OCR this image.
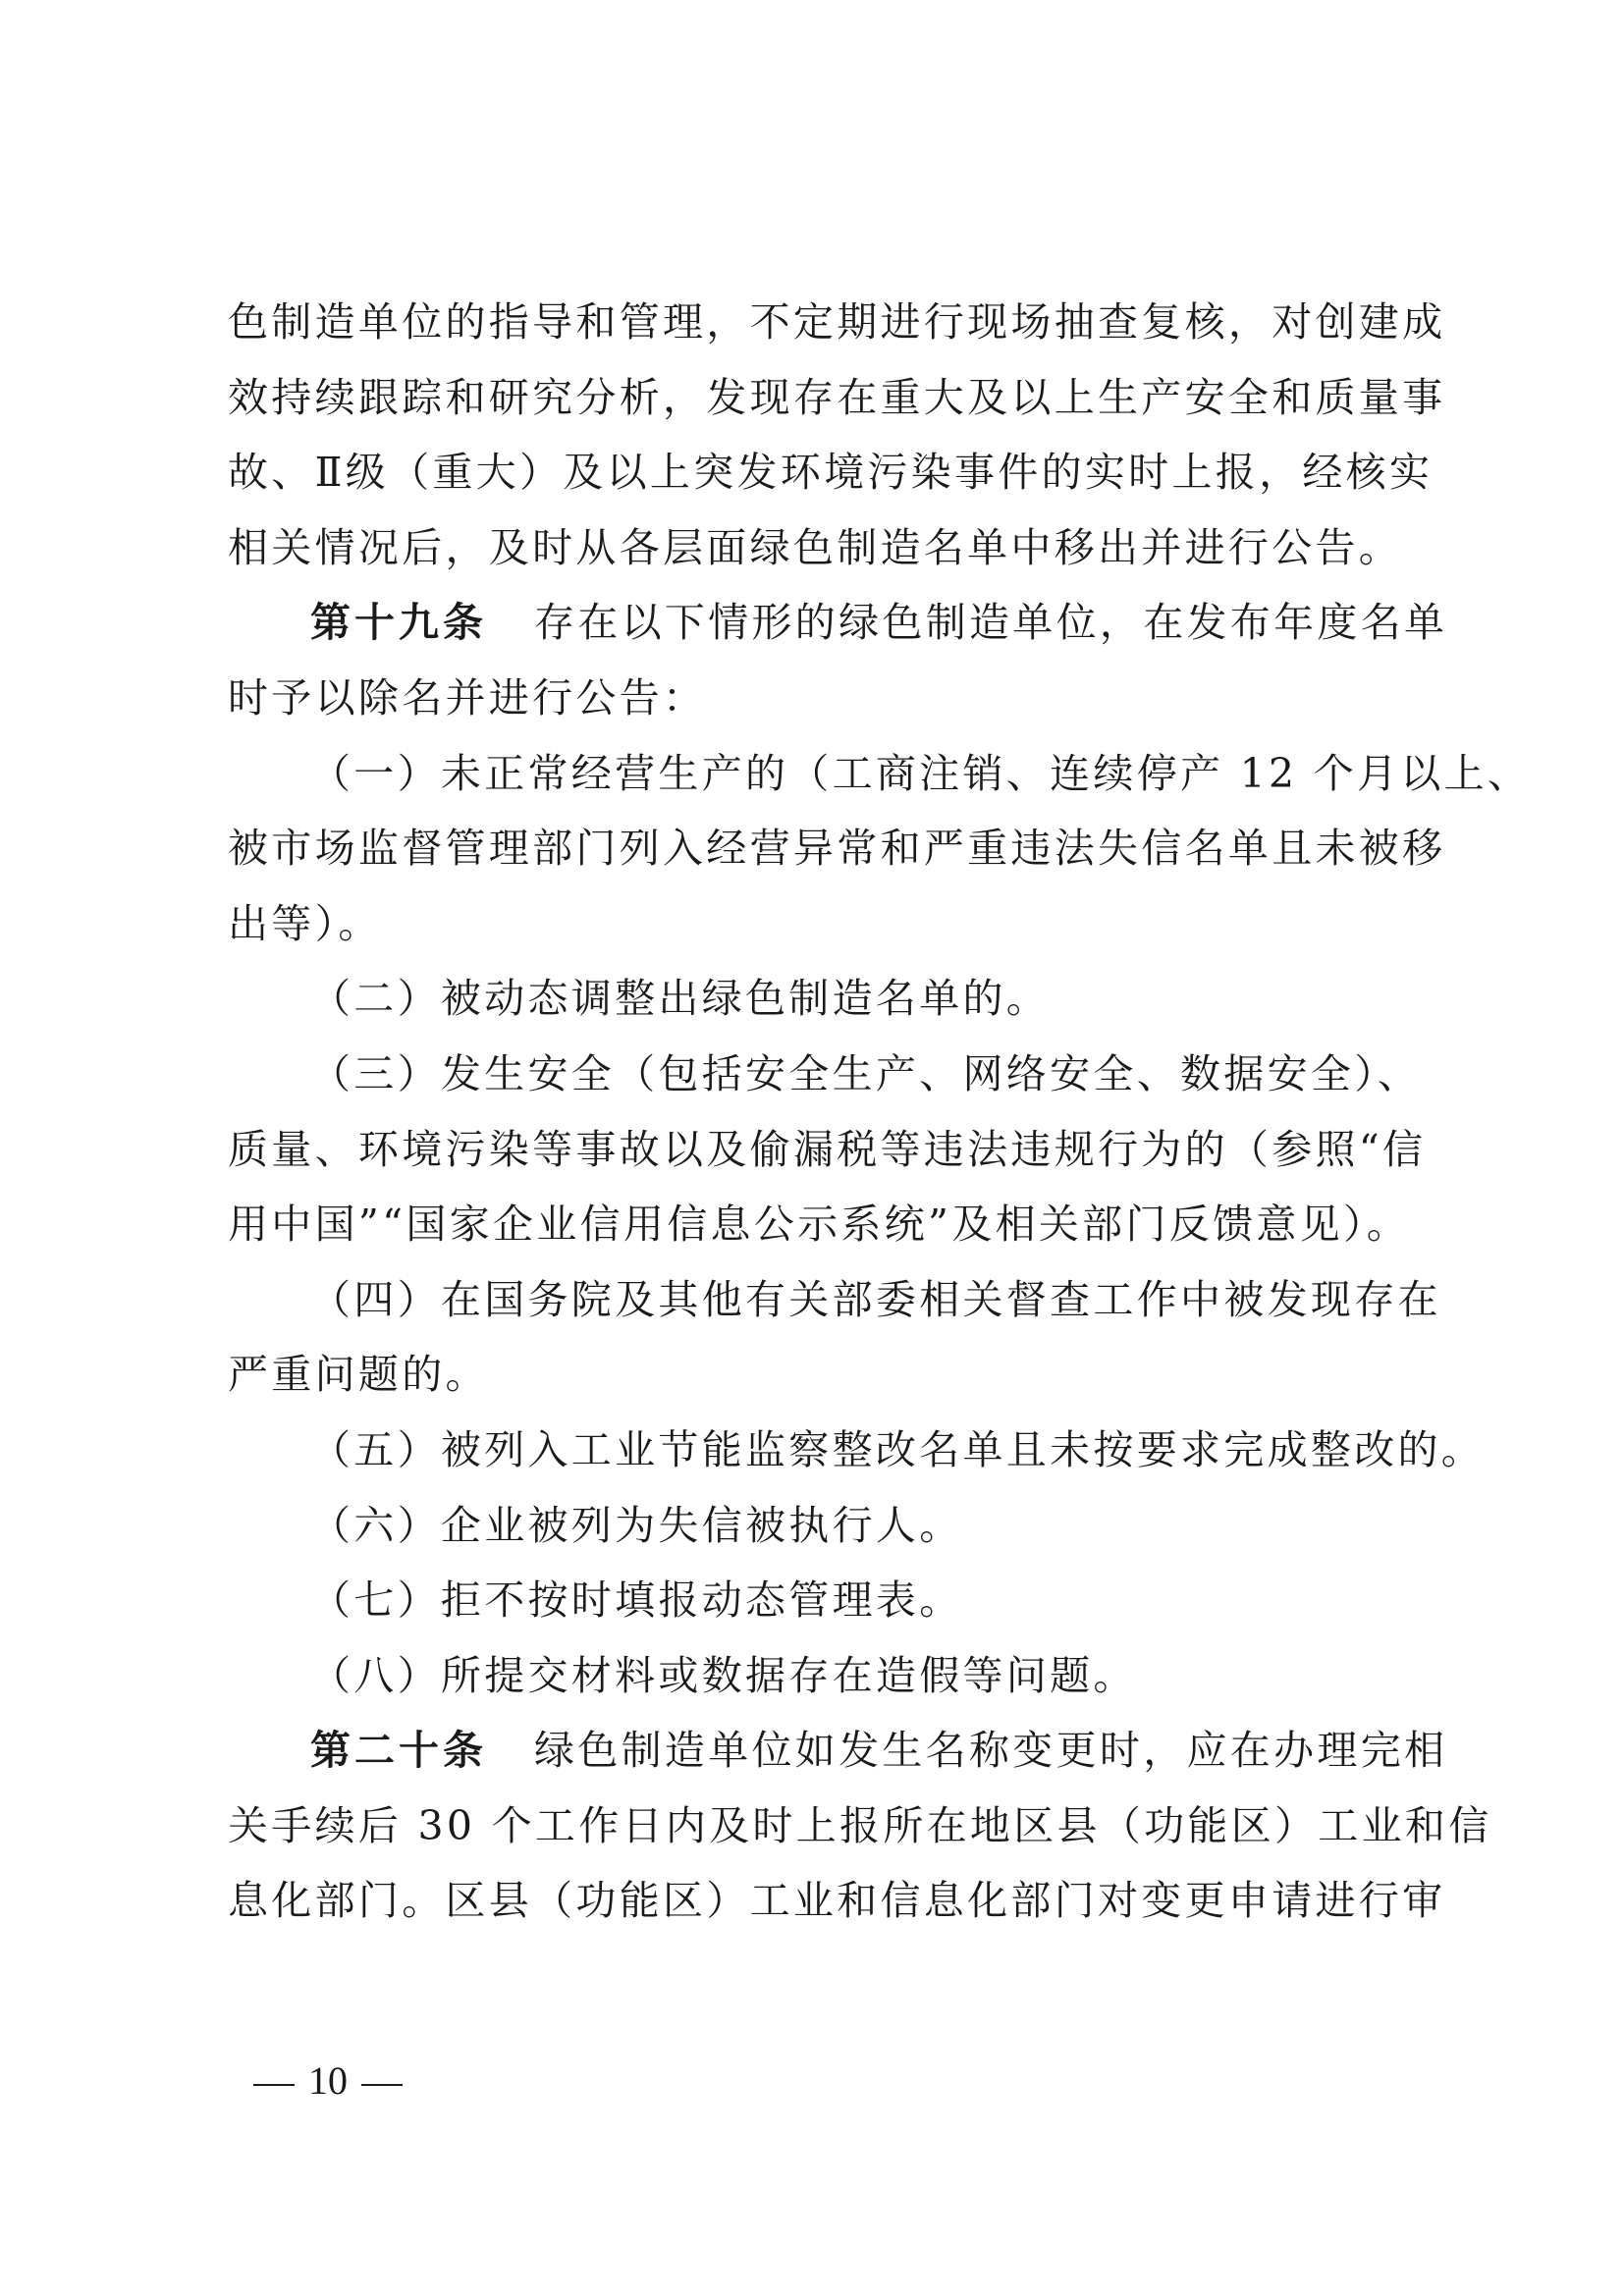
色制造单位的指导和管理，不定期进行现场抽查复核，对创建成
效持续跟踪和研究分析，发现存在重大及以上生产安全和质量事
故、Ⅱ级（重大）及以上突发环境污染事件的实时上报，经核实
相关情况后，及时从各层面绿色制造名单中移出并进行公告。
第十九条 存在以下情形的绿色制造单位，在发布年度名单
时予以除名并进行公告：
（一）未正常经营生产的（工商注销、连续停产 12 个月以上、
被市场监督管理部门列入经营异常和严重违法失信名单且未被移
出等）。
（二）被动态调整出绿色制造名单的。
（三）发生安全（包括安全生产、网络安全、数据安全）、
质量、环境污染等事故以及偷漏税等违法违规行为的（参照“信
用中国”“国家企业信用信息公示系统”及相关部门反馈意见）。
（四）在国务院及其他有关部委相关督查工作中被发现存在
严重问题的。
（五）被列入工业节能监察整改名单且未按要求完成整改的。
（六）企业被列为失信被执行人。
（七）拒不按时填报动态管理表。
（八）所提交材料或数据存在造假等问题。
第二十条 绿色制造单位如发生名称变更时，应在办理完相
关手续后 30 个工作日内及时上报所在地区县（功能区）工业和信
息化部门。区县（功能区）工业和信息化部门对变更申请进行审
10
